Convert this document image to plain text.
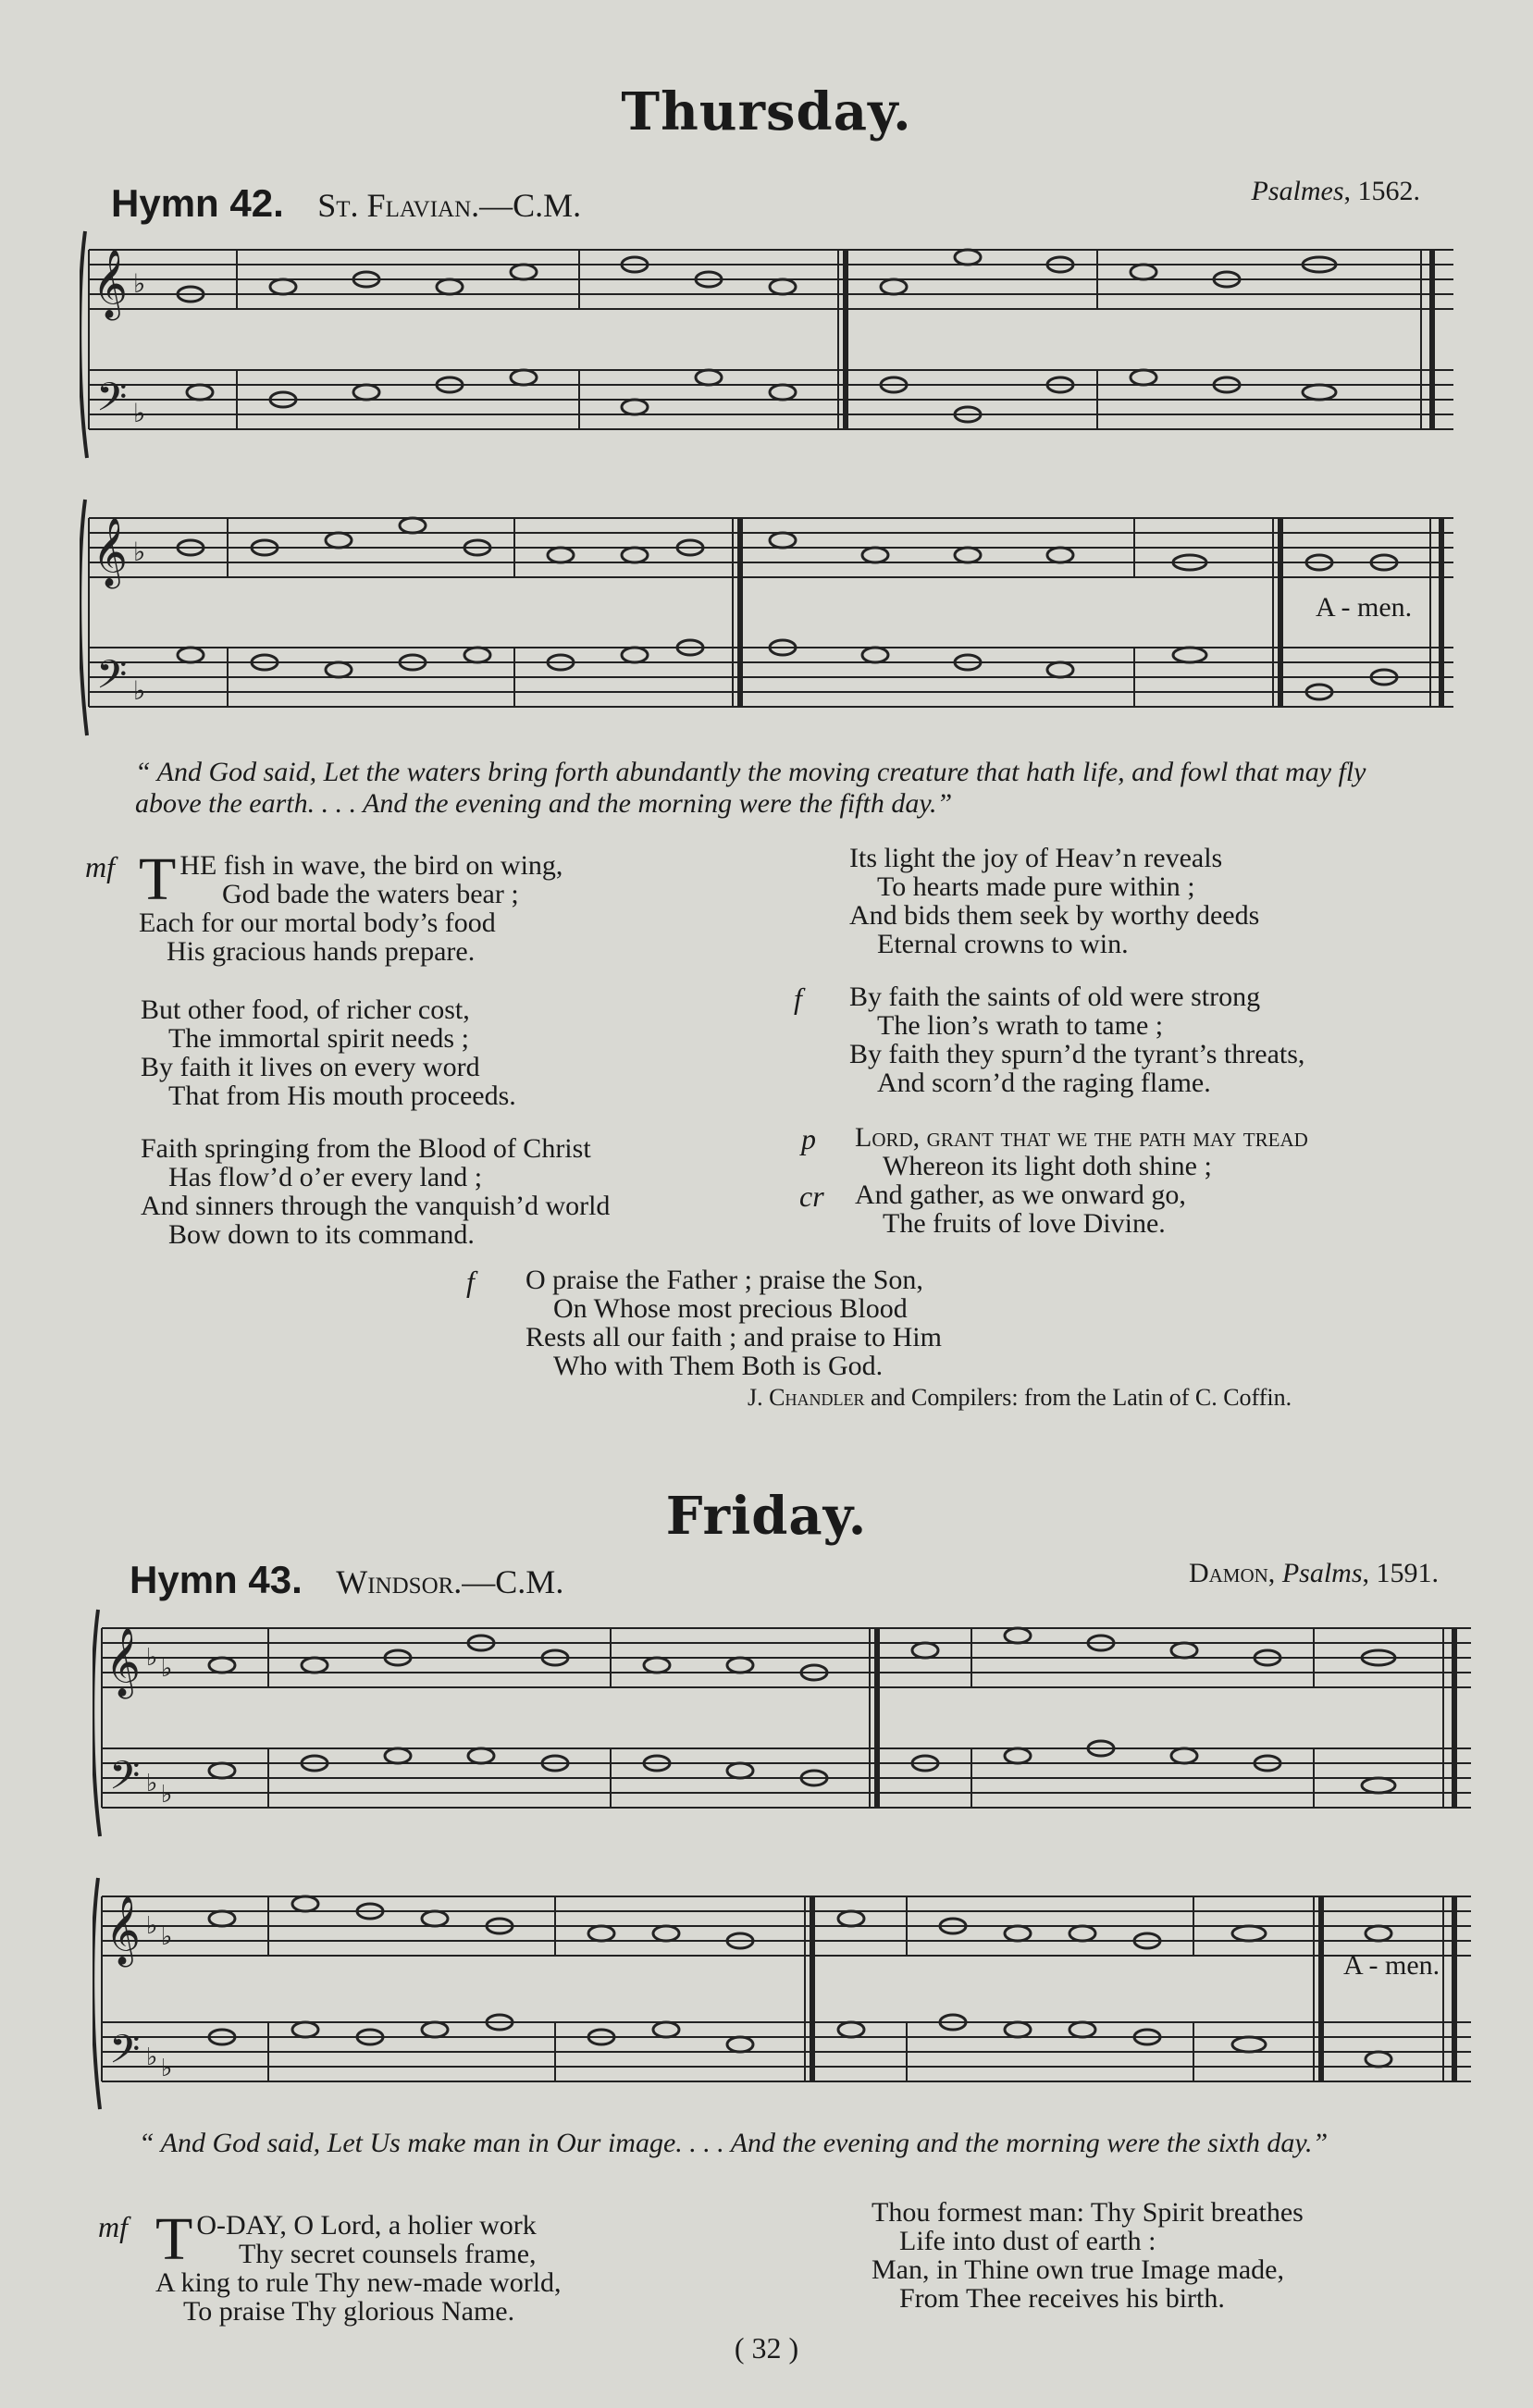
Thursday.
Hymn 42. St. Flavian.—C.M.	Psalmes, 1562.
𝄞
𝄢
♭
♭
𝄞
𝄢
♭
♭
A - men.
“ And God said, Let the waters bring forth abundantly the moving creature that hath life, and fowl that may fly above the earth. . . . And the evening and the morning were the fifth day.”
mf T HE fish in wave, the bird on wing,
God bade the waters bear ;
Each for our mortal body’s food
His gracious hands prepare.
But other food, of richer cost,
The immortal spirit needs ;
By faith it lives on every word
That from His mouth proceeds.
Faith springing from the Blood of Christ
Has flow’d o’er every land ;
And sinners through the vanquish’d world
Bow down to its command.
Its light the joy of Heav’n reveals
To hearts made pure within ;
And bids them seek by worthy deeds
Eternal crowns to win.
f By faith the saints of old were strong
The lion’s wrath to tame ;
By faith they spurn’d the tyrant’s threats,
And scorn’d the raging flame.
p
cr
Lord, grant that we the path may tread
Whereon its light doth shine ;
And gather, as we onward go,
The fruits of love Divine.
f O praise the Father ; praise the Son,
On Whose most precious Blood
Rests all our faith ; and praise to Him
Who with Them Both is God.
J. Chandler and Compilers: from the Latin of C. Coffin.
Friday.
Hymn 43. Windsor.—C.M.	Damon, Psalms, 1591.
𝄞
𝄢
♭ ♭
♭ ♭
𝄞
𝄢
♭ ♭
♭ ♭
A - men.
“ And God said, Let Us make man in Our image. . . . And the evening and the morning were the sixth day.”
mf T O-DAY, O Lord, a holier work
Thy secret counsels frame,
A king to rule Thy new-made world,
To praise Thy glorious Name.
Thou formest man: Thy Spirit breathes
Life into dust of earth :
Man, in Thine own true Image made,
From Thee receives his birth.
( 32 )
